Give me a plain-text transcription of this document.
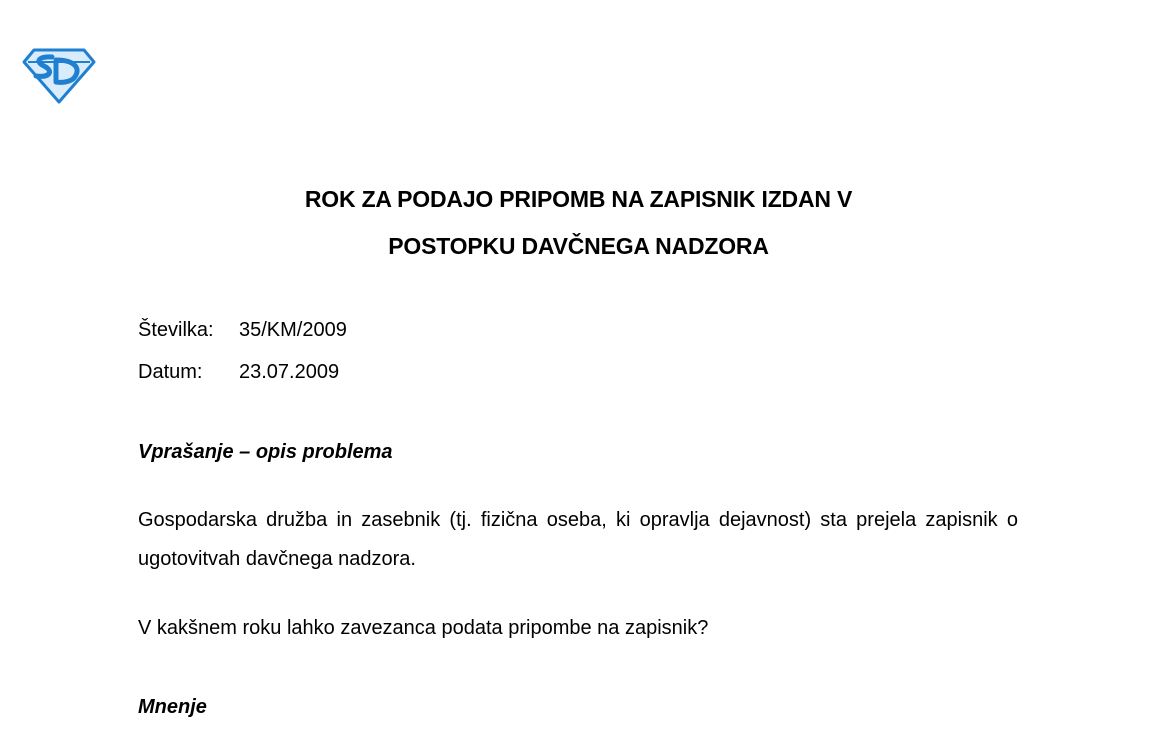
ROK ZA PODAJO PRIPOMB NA ZAPISNIK IZDAN V
POSTOPKU DAVČNEGA NADZORA
Številka:	35/KM/2009
Datum:	23.07.2009
Vprašanje – opis problema

Gospodarska družba in zasebnik (tj. fizična oseba, ki opravlja dejavnost) sta prejela zapisnik o ugotovitvah davčnega nadzora.

V kakšnem roku lahko zavezanca podata pripombe na zapisnik?

Mnenje
